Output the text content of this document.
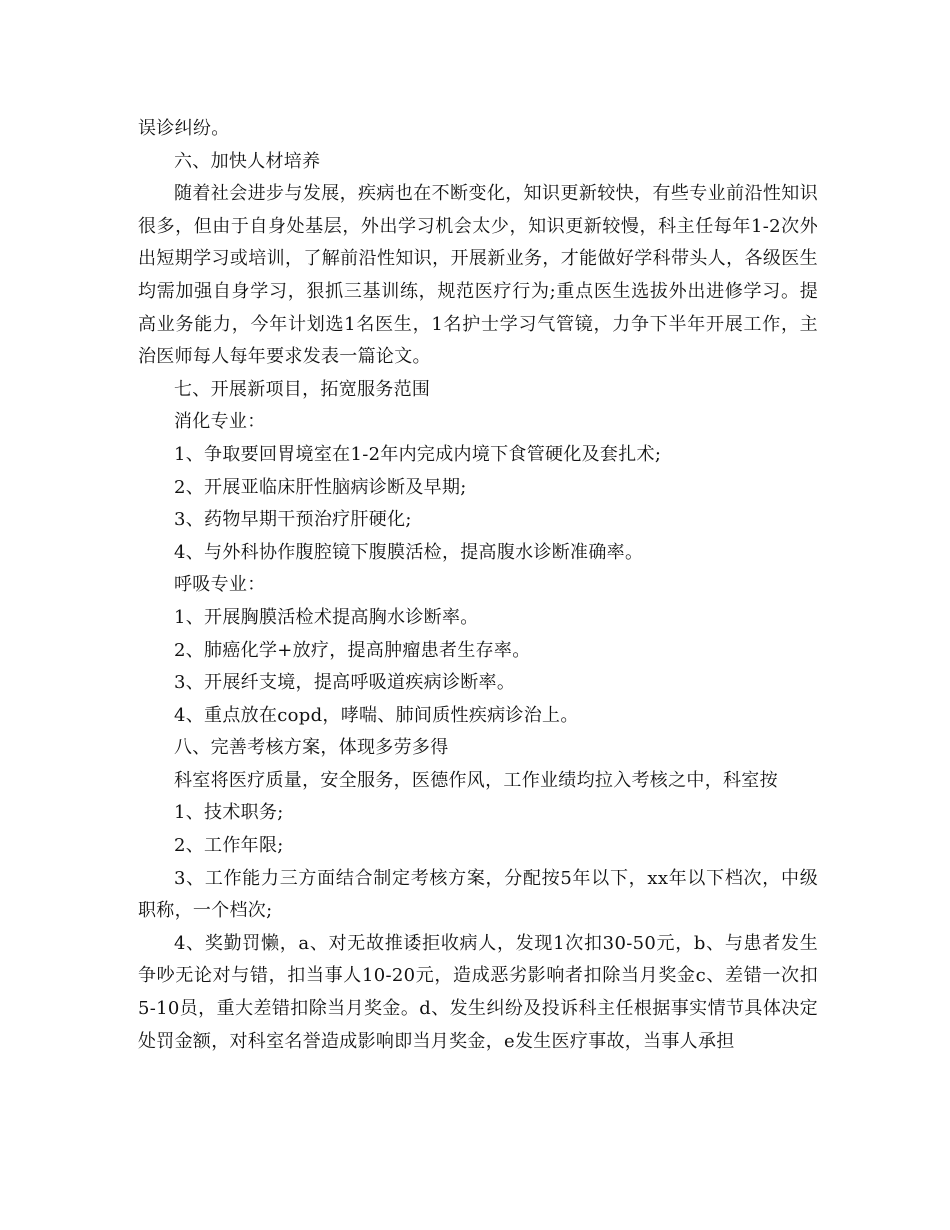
误诊纠纷。

六、加快人材培养

随着社会进步与发展，疾病也在不断变化，知识更新较快，有些专业前沿性知识很多，但由于自身处基层，外出学习机会太少，知识更新较慢，科主任每年1-2次外出短期学习或培训，了解前沿性知识，开展新业务，才能做好学科带头人，各级医生均需加强自身学习，狠抓三基训练，规范医疗行为;重点医生选拔外出进修学习。提高业务能力，今年计划选1名医生，1名护士学习气管镜，力争下半年开展工作，主治医师每人每年要求发表一篇论文。

七、开展新项目，拓宽服务范围

消化专业：

1、争取要回胃境室在1-2年内完成内境下食管硬化及套扎术;

2、开展亚临床肝性脑病诊断及早期;

3、药物早期干预治疗肝硬化;

4、与外科协作腹腔镜下腹膜活检，提高腹水诊断准确率。

呼吸专业：

1、开展胸膜活检术提高胸水诊断率。

2、肺癌化学+放疗，提高肿瘤患者生存率。

3、开展纤支境，提高呼吸道疾病诊断率。

4、重点放在copd，哮喘、肺间质性疾病诊治上。

八、完善考核方案，体现多劳多得

科室将医疗质量，安全服务，医德作风，工作业绩均拉入考核之中，科室按

1、技术职务;

2、工作年限;

3、工作能力三方面结合制定考核方案，分配按5年以下，xx年以下档次，中级职称，一个档次;

4、奖勤罚懒，a、对无故推诿拒收病人，发现1次扣30-50元，b、与患者发生争吵无论对与错，扣当事人10-20元，造成恶劣影响者扣除当月奖金c、差错一次扣5-10员，重大差错扣除当月奖金。d、发生纠纷及投诉科主任根据事实情节具体决定处罚金额，对科室名誉造成影响即当月奖金，e发生医疗事故，当事人承担
